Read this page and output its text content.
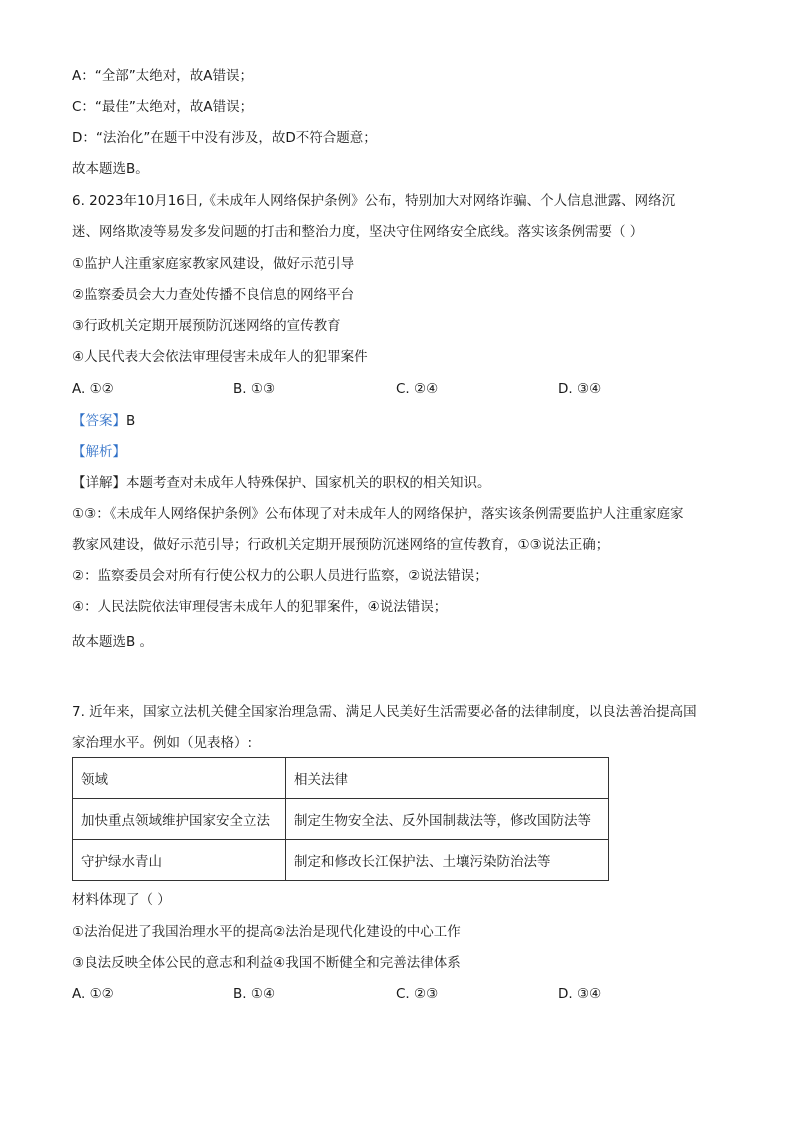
A：“全部”太绝对，故A错误；
C：“最佳”太绝对，故A错误；
D：“法治化”在题干中没有涉及，故D不符合题意；
故本题选B。
6. 2023年10月16日,《未成年人网络保护条例》公布，特别加大对网络诈骗、个人信息泄露、网络沉
迷、网络欺凌等易发多发问题的打击和整治力度，坚决守住网络安全底线。落实该条例需要（ ）
①监护人注重家庭家教家风建设，做好示范引导
②监察委员会大力查处传播不良信息的网络平台
③行政机关定期开展预防沉迷网络的宣传教育
④人民代表大会依法审理侵害未成年人的犯罪案件
A. ①②	B. ①③	C. ②④	D. ③④
【答案】B
【解析】
【详解】本题考查对未成年人特殊保护、国家机关的职权的相关知识。
①③：《未成年人网络保护条例》公布体现了对未成年人的网络保护，落实该条例需要监护人注重家庭家
教家风建设，做好示范引导；行政机关定期开展预防沉迷网络的宣传教育，①③说法正确；
②：监察委员会对所有行使公权力的公职人员进行监察，②说法错误；
④：人民法院依法审理侵害未成年人的犯罪案件，④说法错误；
故本题选B 。
7. 近年来，国家立法机关健全国家治理急需、满足人民美好生活需要必备的法律制度，以良法善治提高国
家治理水平。例如（见表格）:
领域	相关法律
加快重点领域维护国家安全立法	制定生物安全法、反外国制裁法等，修改国防法等
守护绿水青山	制定和修改长江保护法、土壤污染防治法等
材料体现了（ ）
①法治促进了我国治理水平的提高②法治是现代化建设的中心工作
③良法反映全体公民的意志和利益④我国不断健全和完善法律体系
A. ①②	B. ①④	C. ②③	D. ③④
